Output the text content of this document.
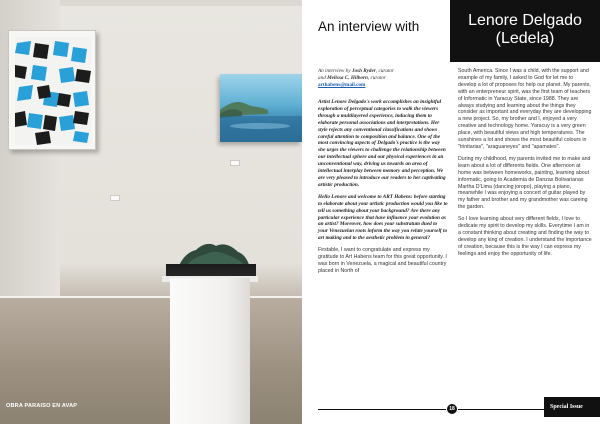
OBRA PARAISO EN AVAP
An interview with	Lenore Delgado
(Ledela)
An interview by Josh Ryder, curator
and Melissa C. Hilborn, curator
arthabens@mail.com

Artist Lenore Delgado's work accomplishes an insightful exploration of perceptual categories to walk the viewers through a multilayered experience, inducing them to elaborate personal associations and interpretations. Her style rejects any conventional classifications and shows careful attention to composition and balance. One of the most convincing aspects of Delgado's practice is the way she urges the viewers to challenge the relationship between our intellectual sphere and our physical experiences in an unconventional way, driving us towards an area of intellectual interplay between memory and perception. We are very pleased to introduce our readers to her captivating artistic production.

Hello Lenore and welcome to ART Habens: before starting to elaborate about your artistic production would you like to tell us something about your background? Are there any particular experience that have influence your evolution as an artist? Moreover, how does your substratum dued to your Venezuelan roots inform the way you relate yourself to art making and to the aesthetic problem in general?

Firstable, I want to congratulate and express my gratitude to Art Habens team for this great opportunity. I was born in Venezuela, a magical and beautiful country placed in North of

South America. Since I was a child, with the support and example of my family, I asked to God for let me to develop a lot of proposes for help our planet. My parents, with an enterpreneur spirit, was the first team of teachers of Informatic in Yaracuy State, since 1988. They are always studying and learning about the things they consider as important and everyday they are developping a new project. So, my brother and I, enjoyed a very creative and technology home. Yaracuy is a very green place, with beautiful views and high temperatures. The sunshines a lot and shows the most beautiful colours in "trinitarias", "araguaneyes" and "apamates".

During my childhood, my parents invited me to make and learn about a lot of differents fields. One afternoon at home was between homeworks, painting, learning about informatic, going to Academia de Danzas Bolivarianas Martha D'Lima (dancing joropo), playing a piano, meanwhile I was enjoying a concert of guitar played by my father and brother and my grandmother was careing the garden.

So I love learning about very different fields, I love to dedicate my spirit to develop my skills. Everytime I am in a constant thinking about creating and finding the way to develop any king of creation. I understand the importance of creation, because this is the way I can express my feelings and enjoy the opportunity of life.

18	Special Issue
